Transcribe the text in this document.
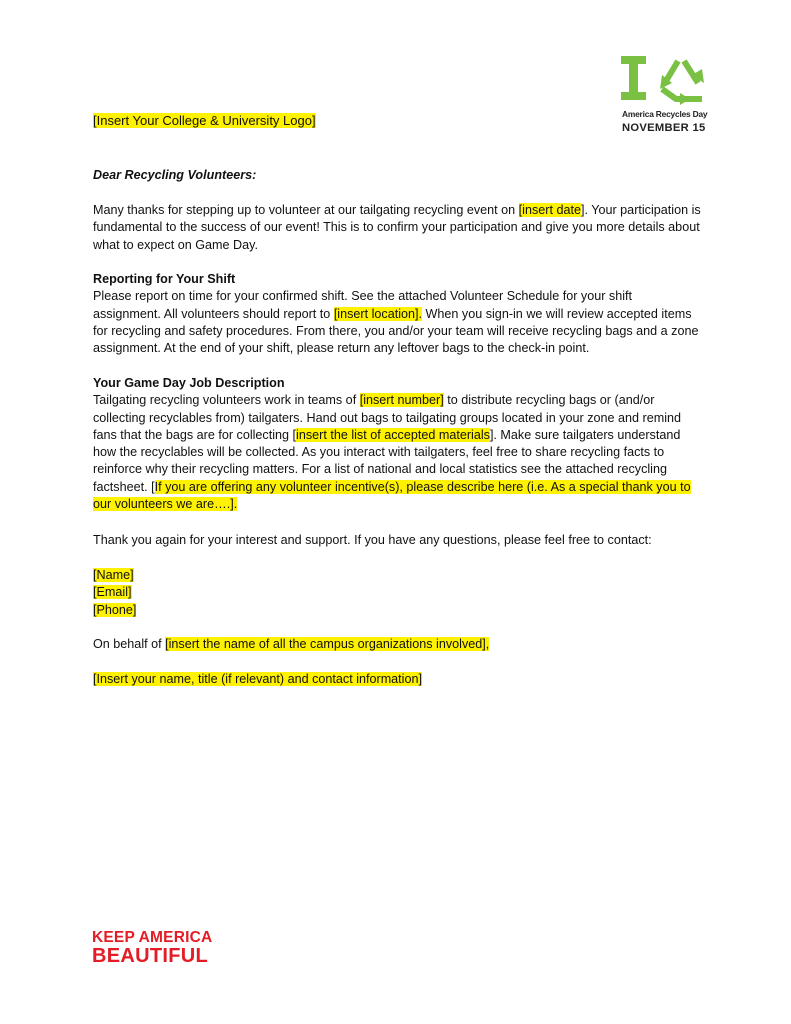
[Insert Your College & University Logo]	America Recycles Day
NOVEMBER 15
Dear Recycling Volunteers:

Many thanks for stepping up to volunteer at our tailgating recycling event on [insert date]. Your participation is fundamental to the success of our event! This is to confirm your participation and give you more details about what to expect on Game Day.

Reporting for Your Shift

Please report on time for your confirmed shift. See the attached Volunteer Schedule for your shift assignment. All volunteers should report to [insert location]. When you sign-in we will review accepted items for recycling and safety procedures. From there, you and/or your team will receive recycling bags and a zone assignment. At the end of your shift, please return any leftover bags to the check-in point.

Your Game Day Job Description

Tailgating recycling volunteers work in teams of [insert number] to distribute recycling bags or (and/or collecting recyclables from) tailgaters. Hand out bags to tailgating groups located in your zone and remind fans that the bags are for collecting [insert the list of accepted materials]. Make sure tailgaters understand how the recyclables will be collected. As you interact with tailgaters, feel free to share recycling facts to reinforce why their recycling matters. For a list of national and local statistics see the attached recycling factsheet. [If you are offering any volunteer incentive(s), please describe here (i.e. As a special thank you to our volunteers we are….].

Thank you again for your interest and support. If you have any questions, please feel free to contact:

[Name]

[Email]

[Phone]

On behalf of [insert the name of all the campus organizations involved],

[Insert your name, title (if relevant) and contact information]

KEEP AMERICA
BEAUTIFUL
